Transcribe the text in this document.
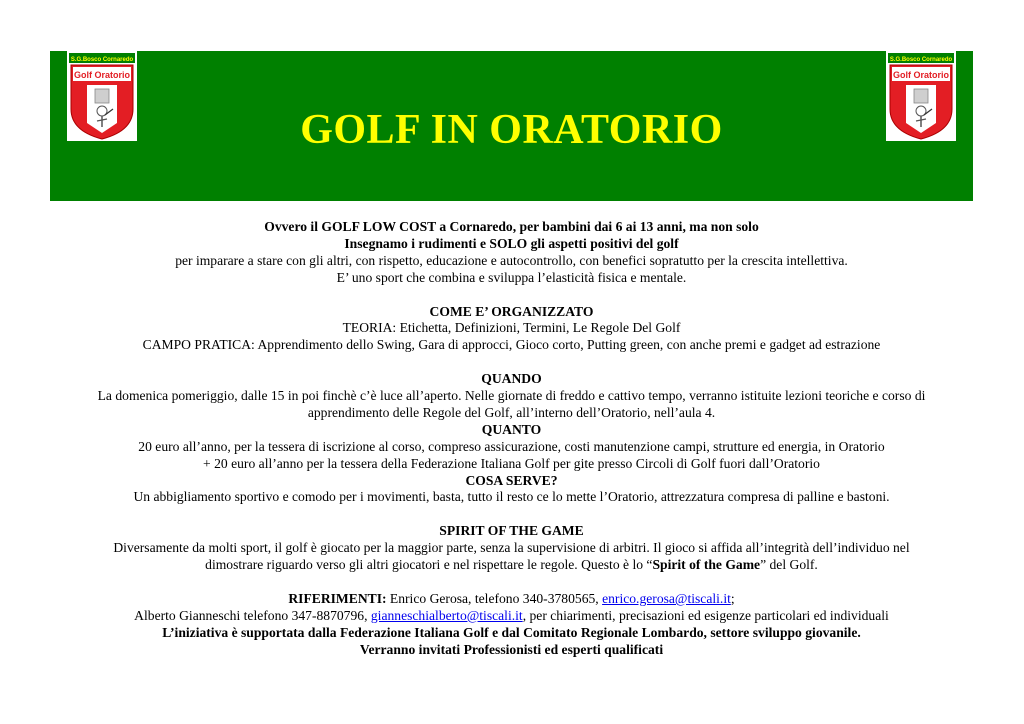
S.G.Bosco Cornaredo
Golf Oratorio
S.G.Bosco Cornaredo
Golf Oratorio
GOLF IN ORATORIO

Ovvero il GOLF LOW COST a Cornaredo, per bambini dai 6 ai 13 anni, ma non solo

Insegnamo i rudimenti e SOLO gli aspetti positivi del golf

per imparare a stare con gli altri, con rispetto, educazione e autocontrollo, con benefici sopratutto per la crescita intellettiva.

E’ uno sport che combina e sviluppa l’elasticità fisica e mentale.

COME E’ ORGANIZZATO

TEORIA: Etichetta, Definizioni, Termini, Le Regole Del Golf

CAMPO PRATICA: Apprendimento dello Swing, Gara di approcci, Gioco corto, Putting green, con anche premi e gadget ad estrazione

QUANDO

La domenica pomeriggio, dalle 15 in poi finchè c’è luce all’aperto. Nelle giornate di freddo e cattivo tempo, verranno istituite lezioni teoriche e corso di

apprendimento delle Regole del Golf, all’interno dell’Oratorio, nell’aula 4.

QUANTO

20 euro all’anno, per la tessera di iscrizione al corso, compreso assicurazione, costi manutenzione campi, strutture ed energia, in Oratorio

+ 20 euro all’anno per la tessera della Federazione Italiana Golf per gite presso Circoli di Golf fuori dall’Oratorio

COSA SERVE?

Un abbigliamento sportivo e comodo per i movimenti, basta, tutto il resto ce lo mette l’Oratorio, attrezzatura compresa di palline e bastoni.

SPIRIT OF THE GAME

Diversamente da molti sport, il golf è giocato per la maggior parte, senza la supervisione di arbitri. Il gioco si affida all’integrità dell’individuo nel

dimostrare riguardo verso gli altri giocatori e nel rispettare le regole. Questo è lo “Spirit of the Game” del Golf.

RIFERIMENTI: Enrico Gerosa, telefono 340-3780565, enrico.gerosa@tiscali.it;

Alberto Gianneschi telefono 347-8870796, gianneschialberto@tiscali.it, per chiarimenti, precisazioni ed esigenze particolari ed individuali

L’iniziativa è supportata dalla Federazione Italiana Golf e dal Comitato Regionale Lombardo, settore sviluppo giovanile.

Verranno invitati Professionisti ed esperti qualificati
